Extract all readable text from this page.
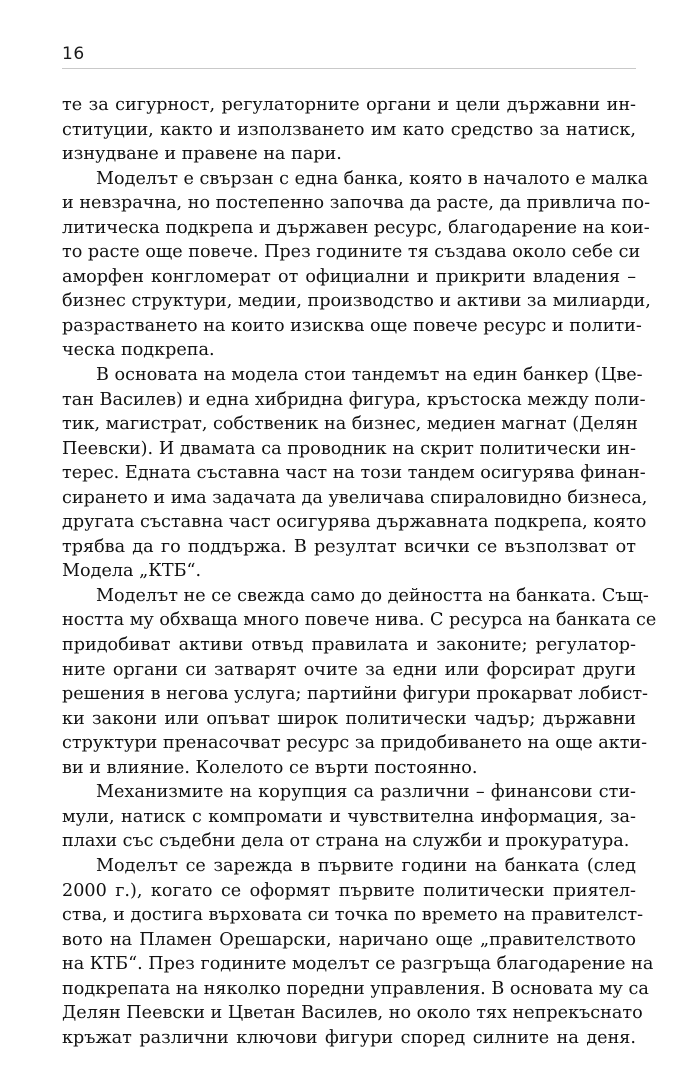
16
те за сигурност, регулаторните органи и цели държавни ин-
ституции, както и използването им като средство за натиск,
изнудване и правене на пари.
Моделът е свързан с една банка, която в началото е малка
и невзрачна, но постепенно започва да расте, да привлича по-
литическа подкрепа и държавен ресурс, благодарение на кои-
то расте още повече. През годините тя създава около себе си
аморфен конгломерат от официални и прикрити владения –
бизнес структури, медии, производство и активи за милиарди,
разрастването на които изисква още повече ресурс и полити-
ческа подкрепа.
В основата на модела стои тандемът на един банкер (Цве-
тан Василев) и една хибридна фигура, кръстоска между поли-
тик, магистрат, собственик на бизнес, медиен магнат (Делян
Пеевски). И двамата са проводник на скрит политически ин-
терес. Едната съставна част на този тандем осигурява финан-
сирането и има задачата да увеличава спираловидно бизнеса,
другата съставна част осигурява държавната подкрепа, която
трябва да го поддържа. В резултат всички се възползват от
Модела „КТБ“.
Моделът не се свежда само до дейността на банката. Същ-
ността му обхваща много повече нива. С ресурса на банката се
придобиват активи отвъд правилата и законите; регулатор-
ните органи си затварят очите за едни или форсират други
решения в негова услуга; партийни фигури прокарват лобист-
ки закони или опъват широк политически чадър; държавни
структури пренасочват ресурс за придобиването на още акти-
ви и влияние. Колелото се върти постоянно.
Механизмите на корупция са различни – финансови сти-
мули, натиск с компромати и чувствителна информация, за-
плахи със съдебни дела от страна на служби и прокуратура.
Моделът се зарежда в първите години на банката (след
2000 г.), когато се оформят първите политически приятел-
ства, и достига върховата си точка по времето на правителст-
вото на Пламен Орешарски, наричано още „правителството
на КТБ“. През годините моделът се разгръща благодарение на
подкрепата на няколко поредни управления. В основата му са
Делян Пеевски и Цветан Василев, но около тях непрекъснато
кръжат различни ключови фигури според силните на деня.
